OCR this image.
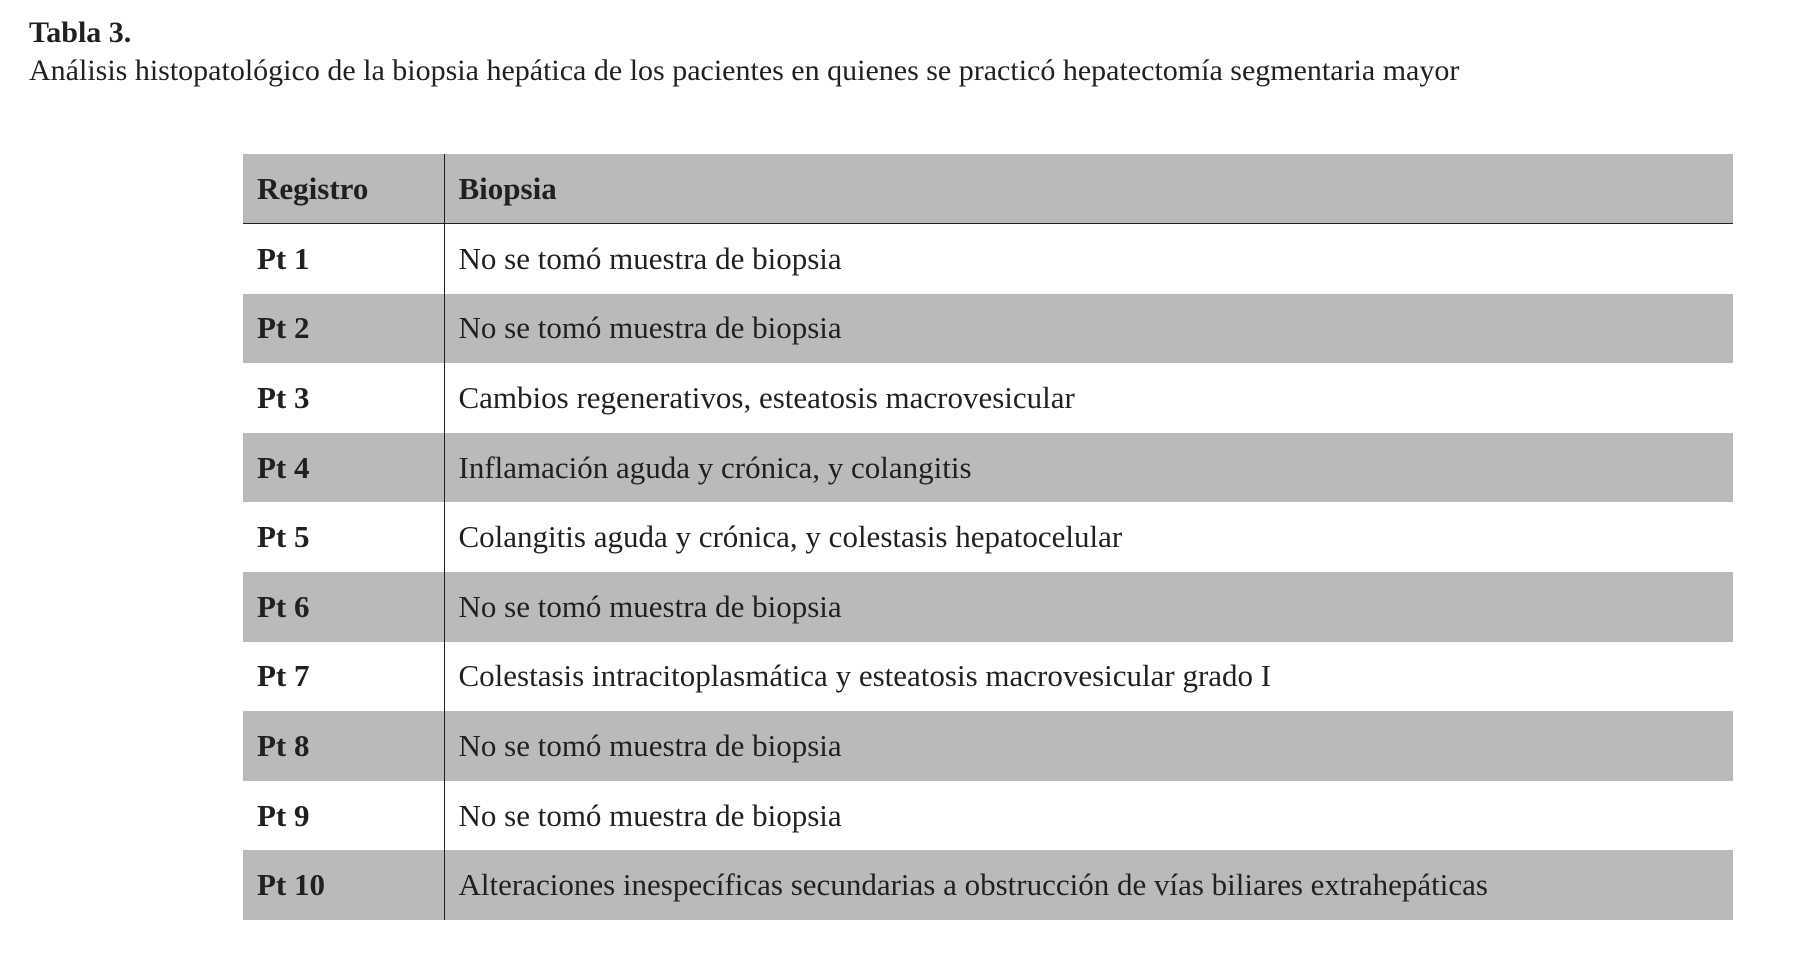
Tabla 3.
Análisis histopatológico de la biopsia hepática de los pacientes en quienes se practicó hepatectomía segmentaria mayor
Registro	Biopsia
Pt 1	No se tomó muestra de biopsia
Pt 2	No se tomó muestra de biopsia
Pt 3	Cambios regenerativos, esteatosis macrovesicular
Pt 4	Inflamación aguda y crónica, y colangitis
Pt 5	Colangitis aguda y crónica, y colestasis hepatocelular
Pt 6	No se tomó muestra de biopsia
Pt 7	Colestasis intracitoplasmática y esteatosis macrovesicular grado I
Pt 8	No se tomó muestra de biopsia
Pt 9	No se tomó muestra de biopsia
Pt 10	Alteraciones inespecíficas secundarias a obstrucción de vías biliares extrahepáticas
